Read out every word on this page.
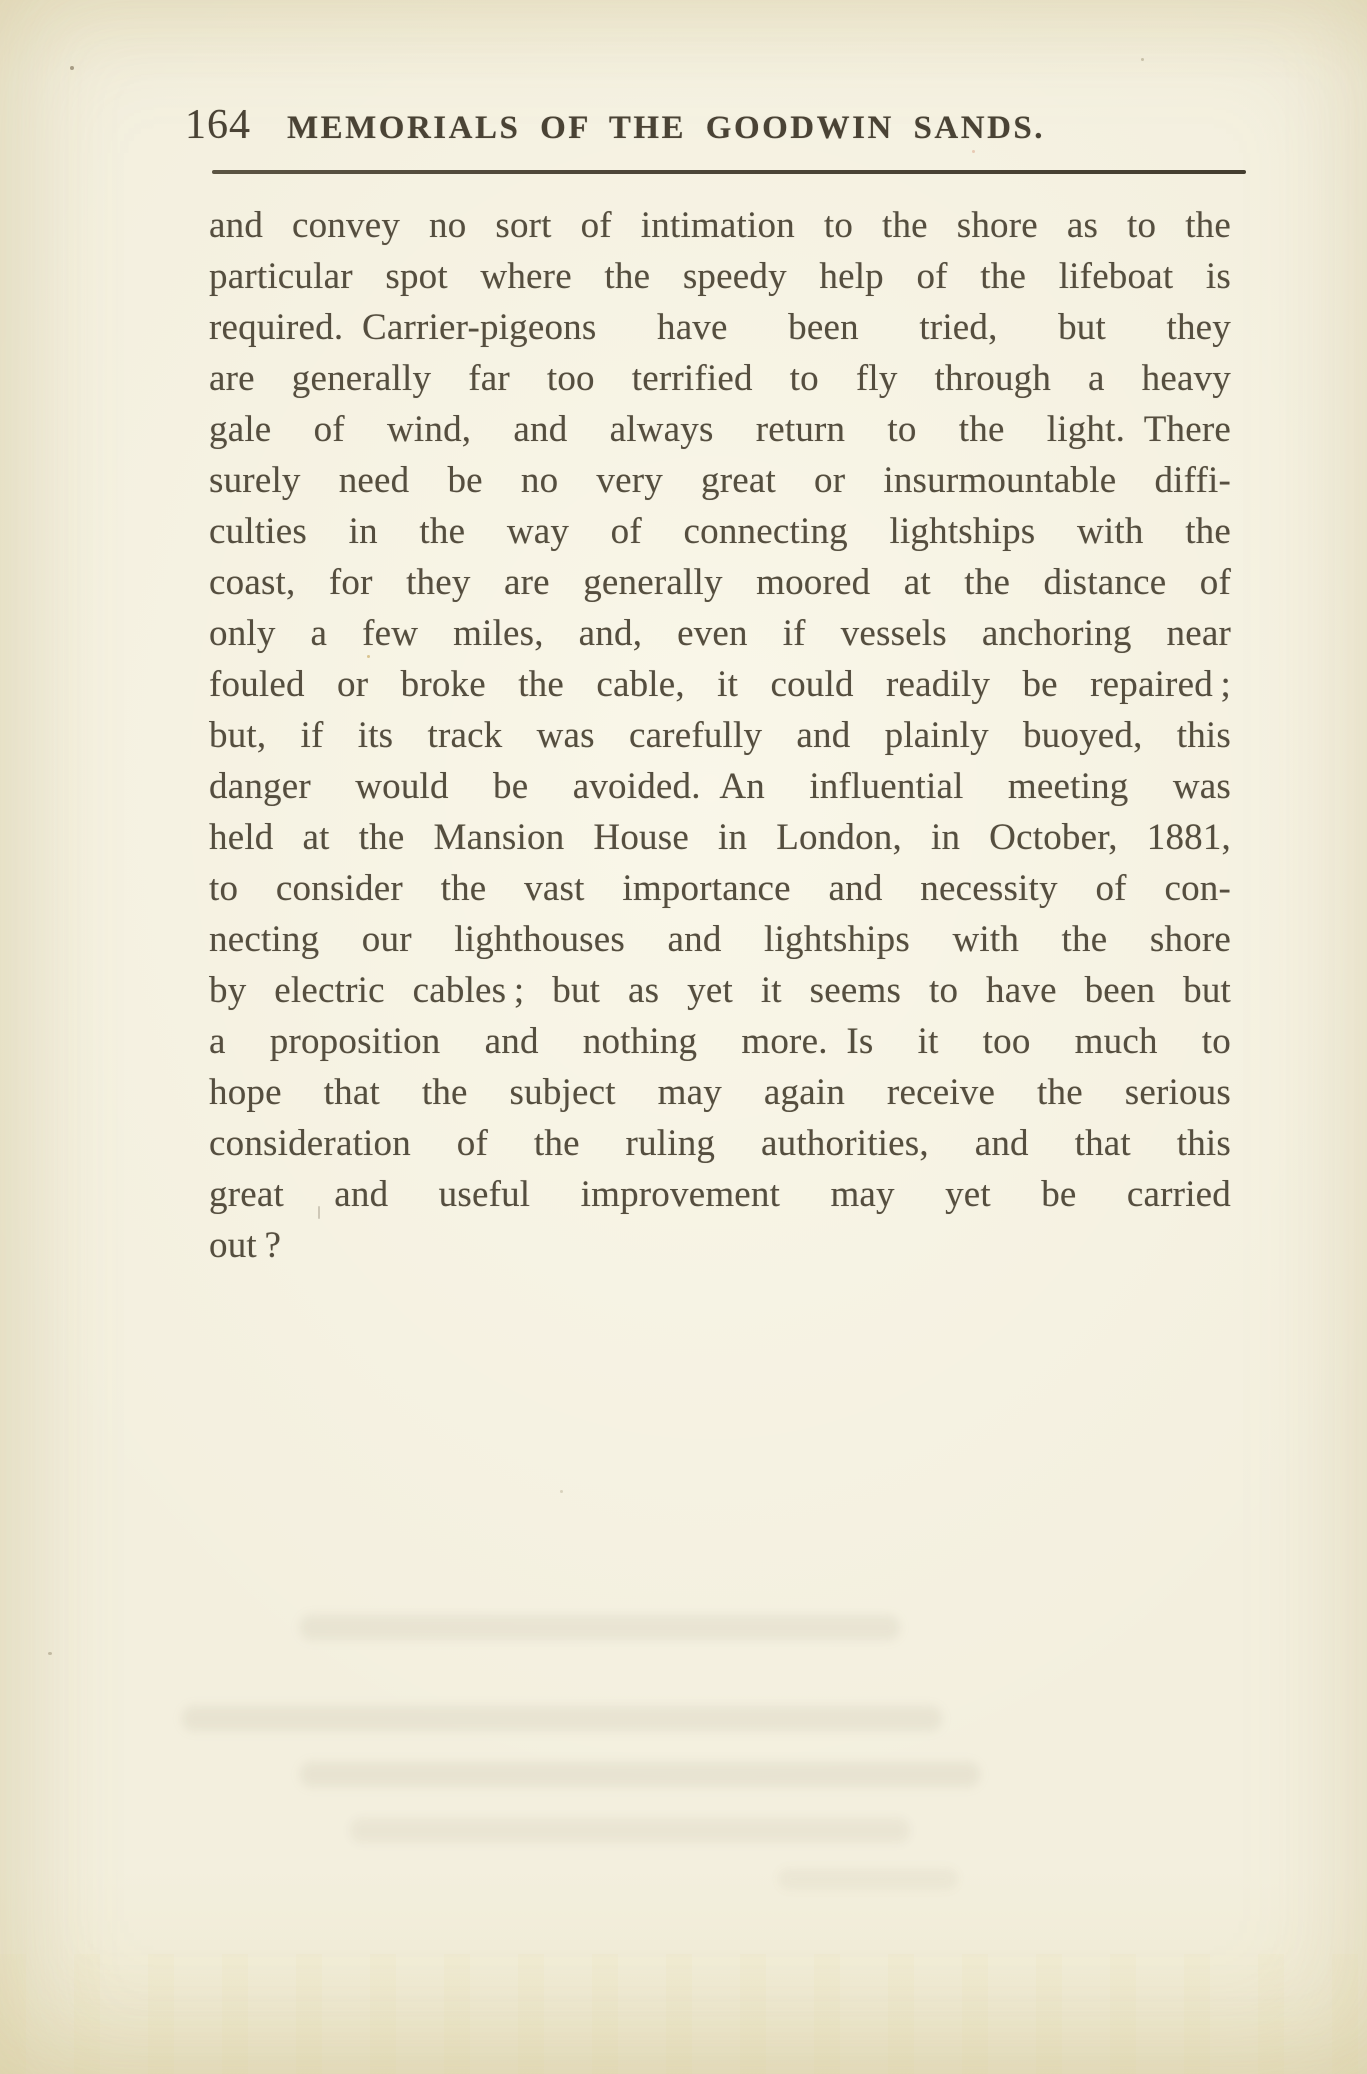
164 MEMORIALS OF THE GOODWIN SANDS.
and convey no sort of intimation to the shore as to the
particular spot where the speedy help of the lifeboat is
required. Carrier-pigeons have been tried, but they
are generally far too terrified to fly through a heavy
gale of wind, and always return to the light. There
surely need be no very great or insurmountable diffi-
culties in the way of connecting lightships with the
coast, for they are generally moored at the distance of
only a few miles, and, even if vessels anchoring near
fouled or broke the cable, it could readily be repaired ;
but, if its track was carefully and plainly buoyed, this
danger would be avoided. An influential meeting was
held at the Mansion House in London, in October, 1881,
to consider the vast importance and necessity of con-
necting our lighthouses and lightships with the shore
by electric cables ; but as yet it seems to have been but
a proposition and nothing more. Is it too much to
hope that the subject may again receive the serious
consideration of the ruling authorities, and that this
great and useful improvement may yet be carried
out ?
